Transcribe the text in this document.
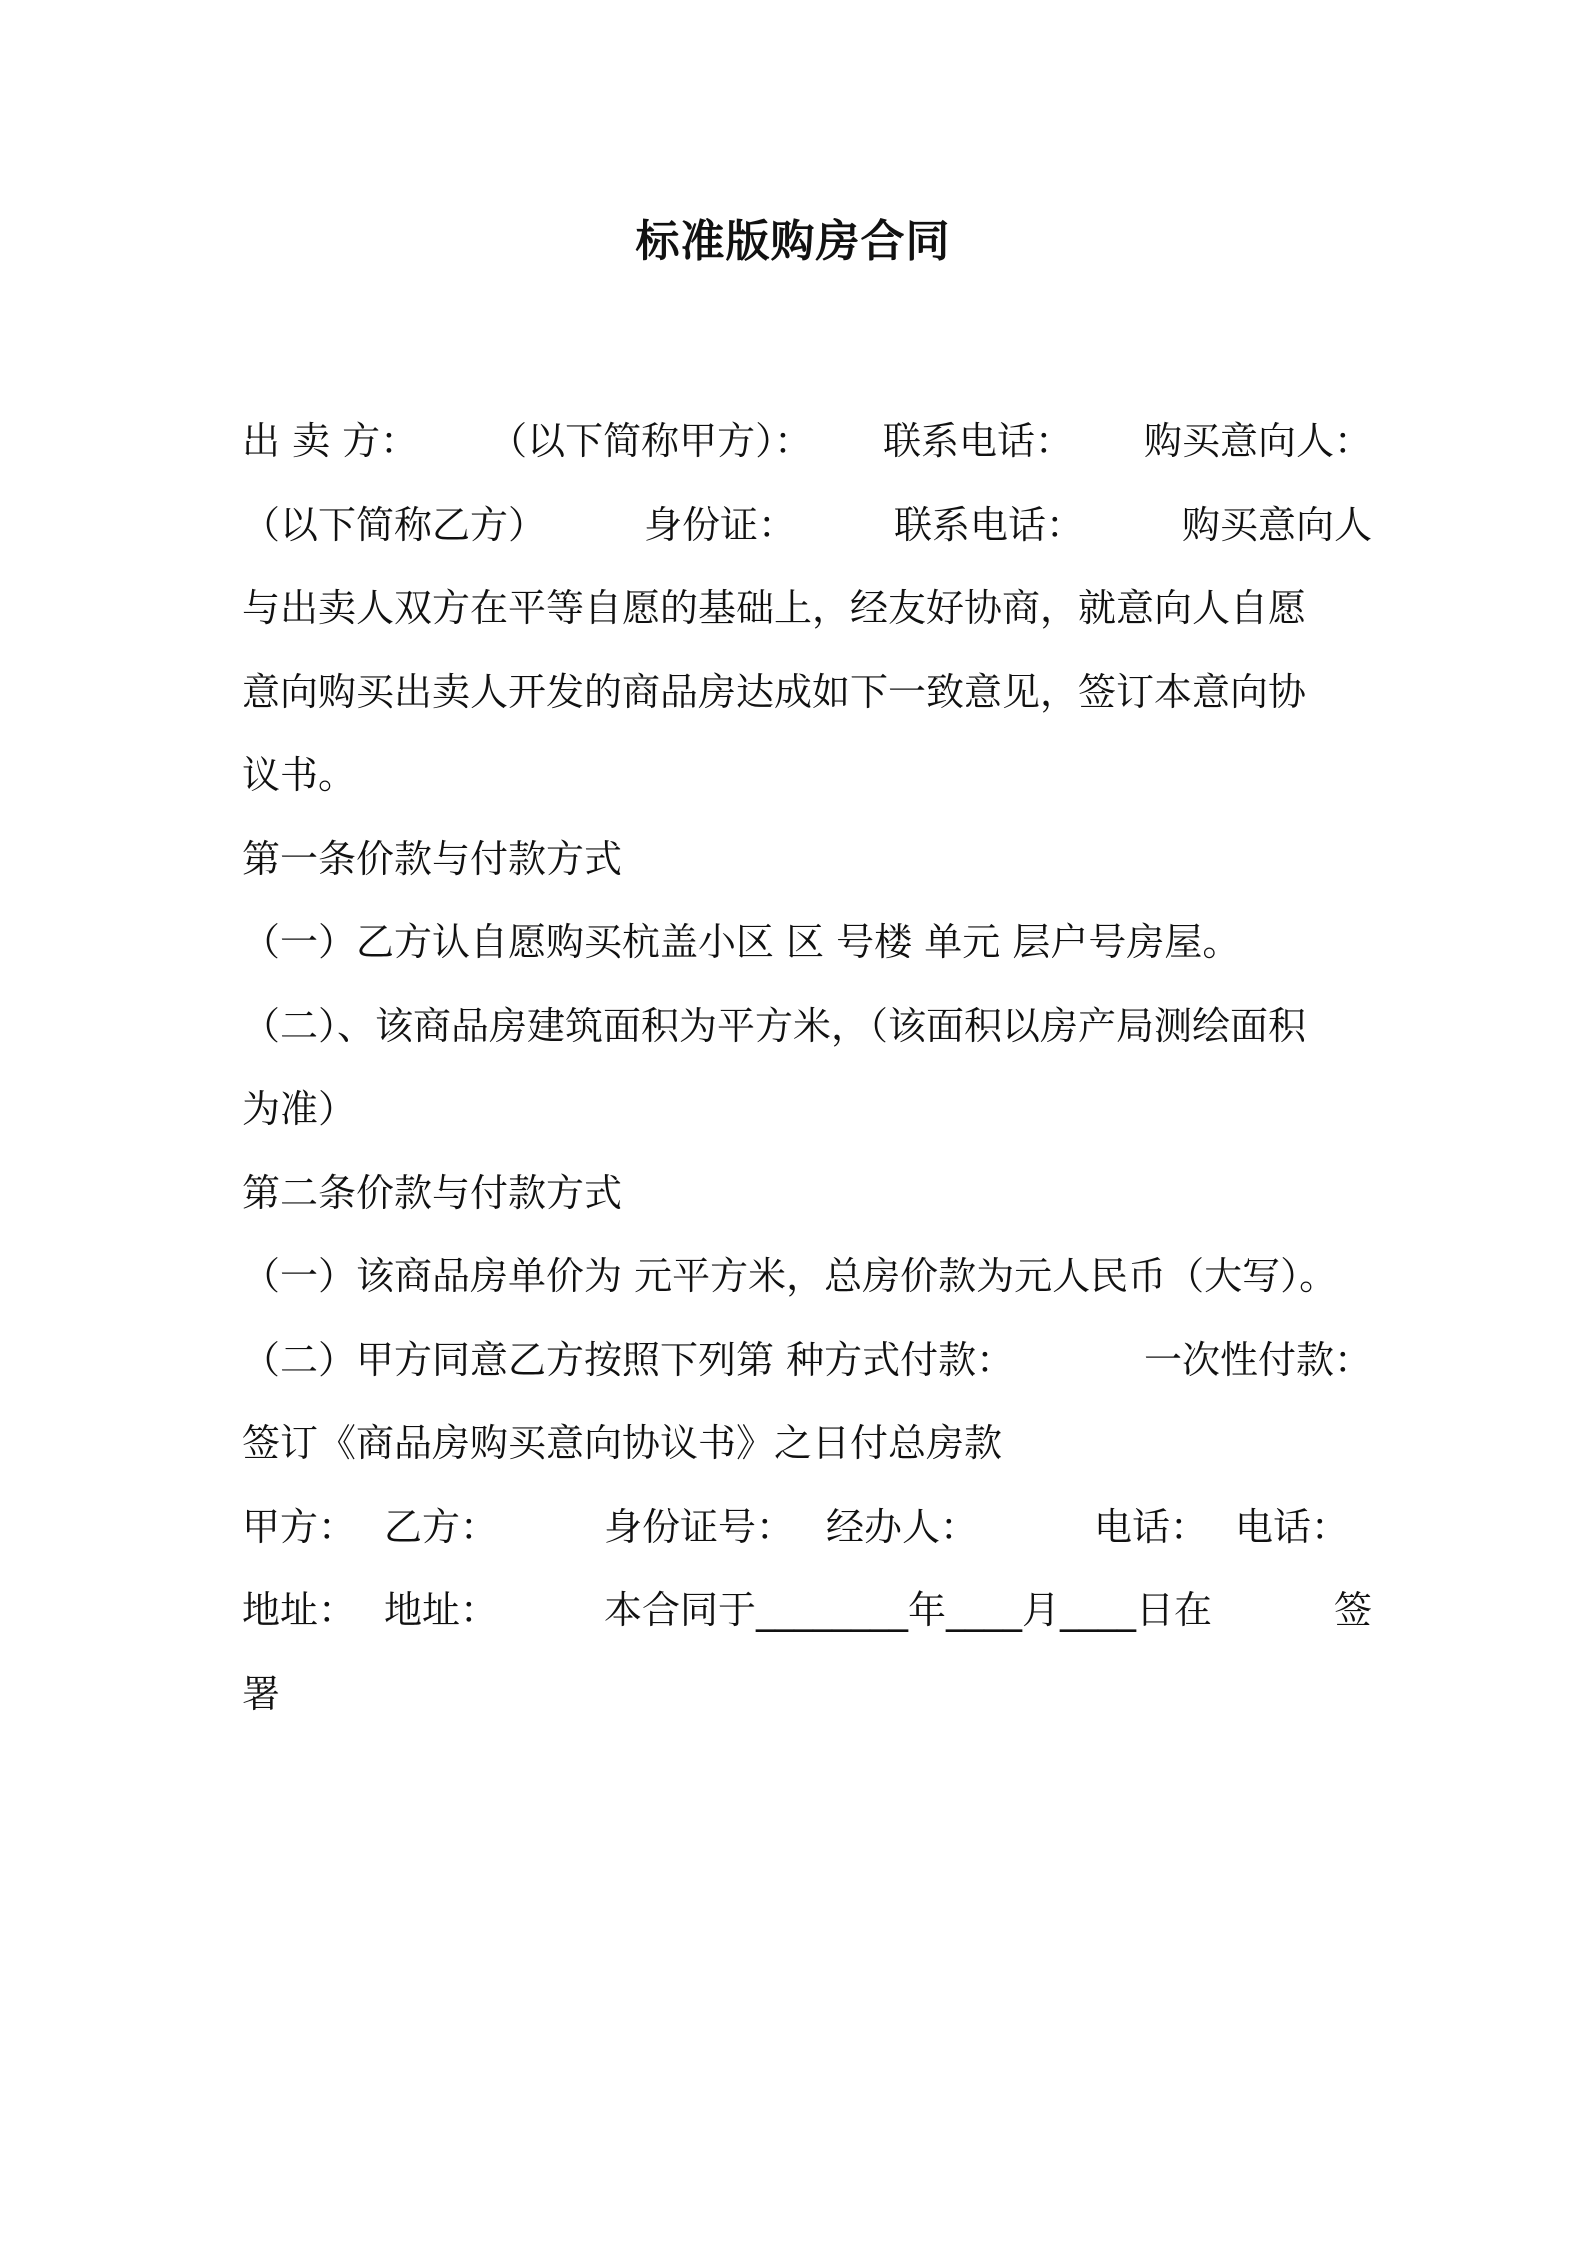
标准版购房合同
出 卖 方： （以下简称甲方）： 联系电话： 购买意向人：
（以下简称乙方）	身份证：	联系电话：	购买意向人
与出卖人双方在平等自愿的基础上，经友好协商，就意向人自愿
意向购买出卖人开发的商品房达成如下一致意见，签订本意向协
议书。
第一条价款与付款方式
（一）乙方认自愿购买杭盖小区 区 号楼 单元 层户号房屋。
（二）、该商品房建筑面积为平方米，（该面积以房产局测绘面积
为准）
第二条价款与付款方式
（一）该商品房单价为 元平方米，总房价款为元人民币（大写）。
（二）甲方同意乙方按照下列第 种方式付款：	一次性付款：
签订《商品房购买意向协议书》之日付总房款
甲方： 乙方：	身份证号： 经办人：	电话： 电话：
地址： 地址：	本合同于________年____月____日在	签
署
